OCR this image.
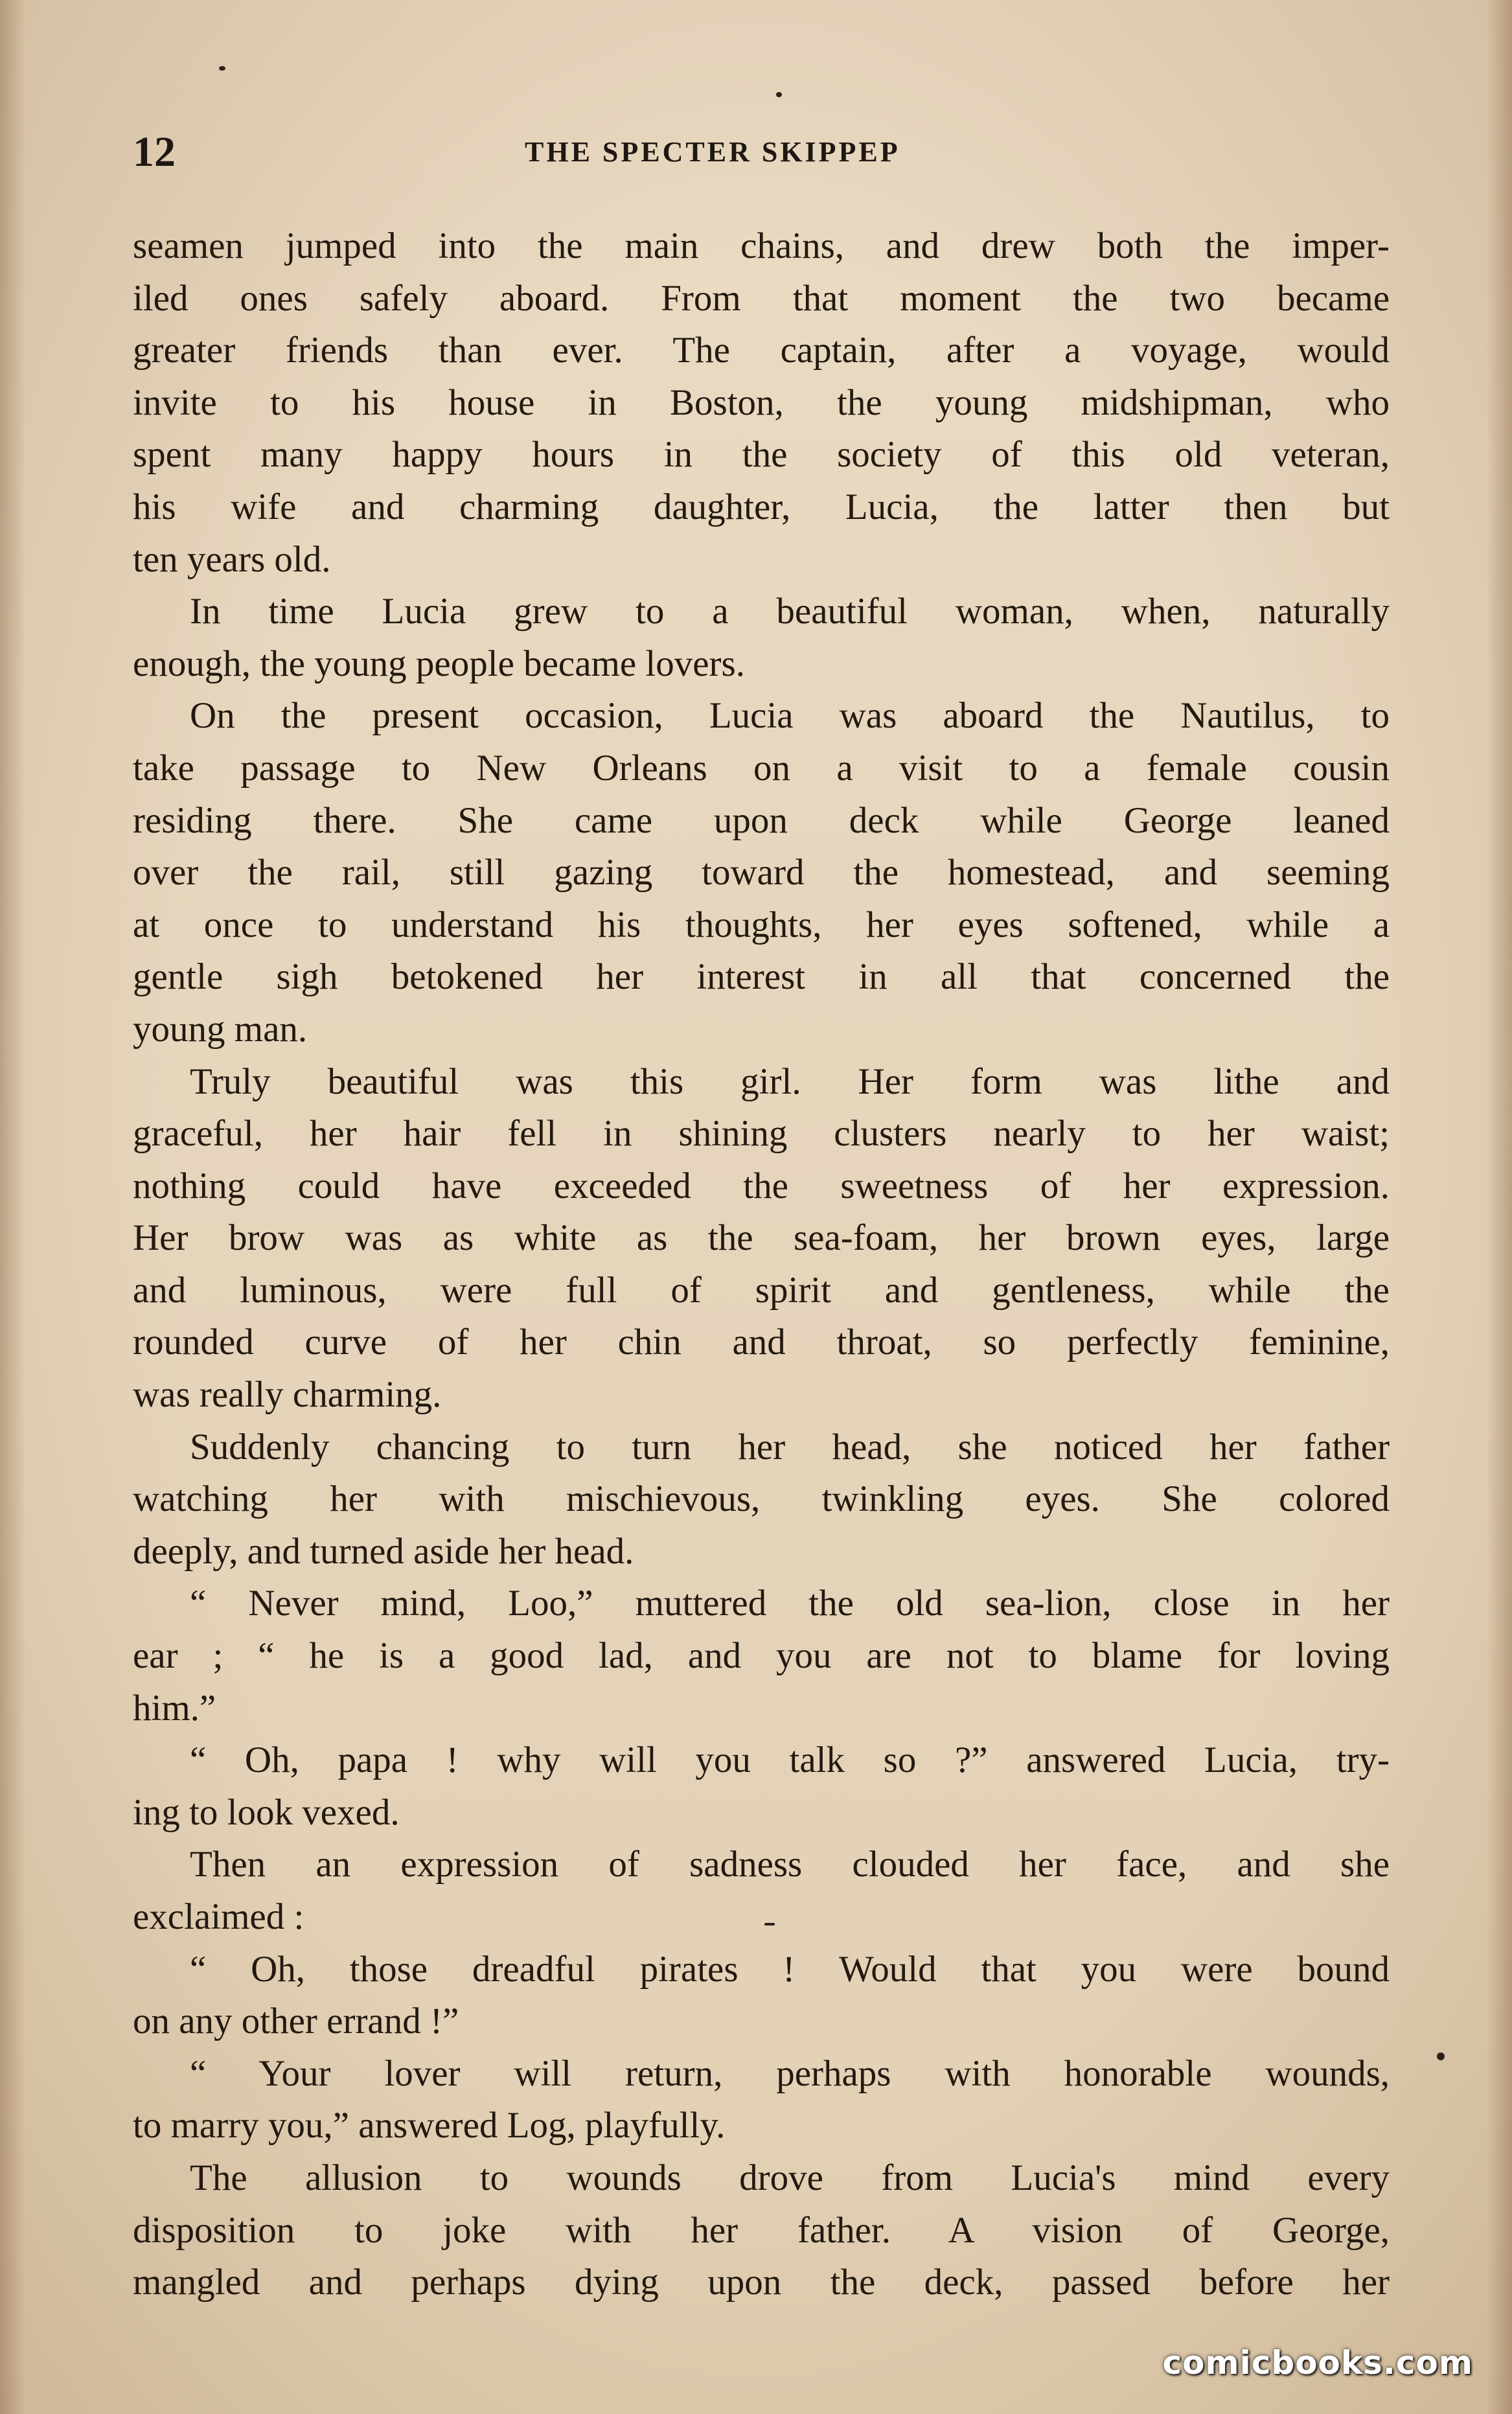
12	THE SPECTER SKIPPEP
seamen jumped into the main chains, and drew both the imper-
iled ones safely aboard. From that moment the two became
greater friends than ever. The captain, after a voyage, would
invite to his house in Boston, the young midshipman, who
spent many happy hours in the society of this old veteran,
his wife and charming daughter, Lucia, the latter then but
ten years old.
In time Lucia grew to a beautiful woman, when, naturally
enough, the young people became lovers.
On the present occasion, Lucia was aboard the Nautilus, to
take passage to New Orleans on a visit to a female cousin
residing there. She came upon deck while George leaned
over the rail, still gazing toward the homestead, and seeming
at once to understand his thoughts, her eyes softened, while a
gentle sigh betokened her interest in all that concerned the
young man.
Truly beautiful was this girl. Her form was lithe and
graceful, her hair fell in shining clusters nearly to her waist;
nothing could have exceeded the sweetness of her expression.
Her brow was as white as the sea-foam, her brown eyes, large
and luminous, were full of spirit and gentleness, while the
rounded curve of her chin and throat, so perfectly feminine,
was really charming.
Suddenly chancing to turn her head, she noticed her father
watching her with mischievous, twinkling eyes. She colored
deeply, and turned aside her head.
“ Never mind, Loo,” muttered the old sea-lion, close in her
ear ; “ he is a good lad, and you are not to blame for loving
him.”
“ Oh, papa ! why will you talk so ?” answered Lucia, try-
ing to look vexed.
Then an expression of sadness clouded her face, and she
exclaimed :
“ Oh, those dreadful pirates ! Would that you were bound
on any other errand !”
“ Your lover will return, perhaps with honorable wounds,
to marry you,” answered Log, playfully.
The allusion to wounds drove from Lucia's mind every
disposition to joke with her father. A vision of George,
mangled and perhaps dying upon the deck, passed before her
comicbooks.com
